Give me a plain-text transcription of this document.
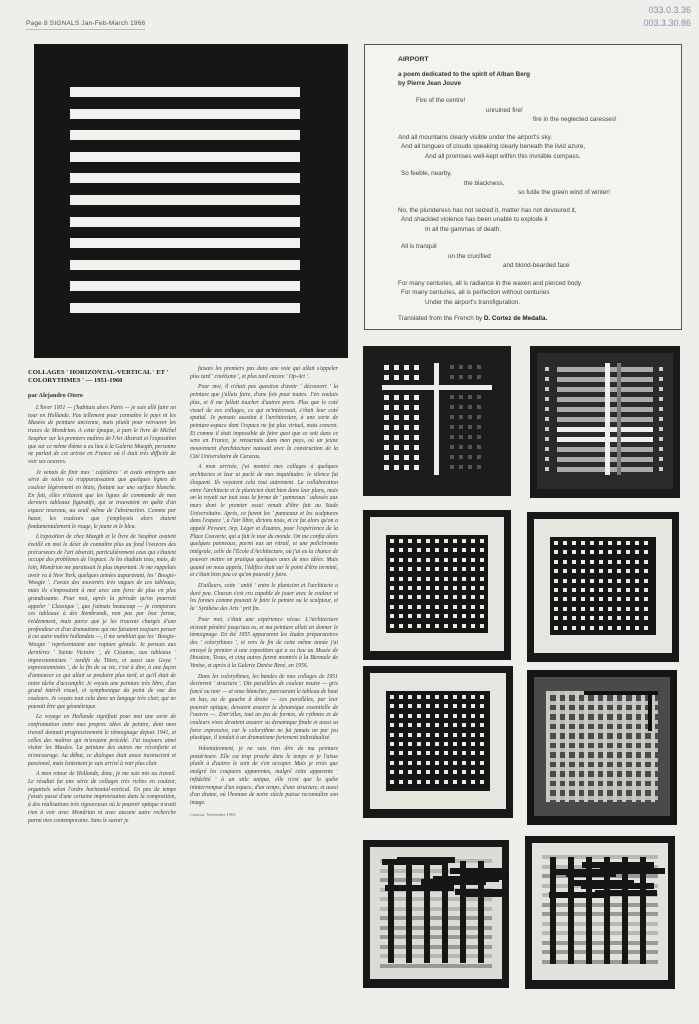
Page 8 SIGNALS Jan-Feb-March 1966
033.0.3.36
003.3.30.86
AIRPORT
a poem dedicated to the spirit of Alban Berg
by Pierre Jean Jouve
Fire of the centre!
unruined fire!
fire in the neglected caresses!
And all mountains clearly visible under the airport's sky.
And all tongues of clouds speaking clearly beneath the livid azure,
And all promises well-kept within this invisible compass.
So feeble, nearby,
the blackness,
so futile the green wind of winter!
No, the plunderess has not seized it, matter has not devoured it,
And shackled violence has been unable to explode it
In all the gammas of death.
All is tranquil
on the crucified
and blond-bearded face
For many centuries, all is radiance in the waxen and pierced body
For many centuries, all is perfection without centuries
Under the airport's transfiguration.
Translated from the French by D. Cortez de Medalla.
COLLAGES ' HORIZONTAL-VERTICAL ' ET ' COLORYTHMES ' — 1951-1960
par Alejandro Otero

L'hiver 1951 — j'habitais alors Paris — je suis allé faire un tour en Hollande. Pas tellement pour connaître le pays ni les Musées de peinture ancienne, mais plutôt pour retrouver les traces de Mondrian. A cette époque, à part le livre de Michel Seuphor sur les premiers maîtres de l'Art Abstrait et l'exposition que sur ce même thème a eu lieu à la Galerie Maegth, personne ne parlait de cet artiste en France où il était très difficile de voir ses oeuvres.

Je venais de finir mes ' cafetières ' et avais entrepris une série de toiles où n'apparaissaient que quelques lignes de couleur légèrement en biais, flottant sur une surface blanche. En fait, elles n'étaient que les lignes de commande de mes derniers tableaux figuratifs, qui se trouvaient en quête d'un espace nouveau, au seuil même de l'abstraction. Comme par hazar, les couleurs que j'employais alors étaient fondamentalement le rouge, le jaune et le bleu.

L'exposition de chez Maegth et le livre de Seuphor avaient éveillé en moi le désir de connaître plus au fond l'oeuvres des précurseurs de l'art abstrait, particulièrement ceux qui s'étaient occupé des problèmes de l'espace. Je les étudiais tous, mais, de loin, Mondrian me paraissait le plus important. Je me rappelais avoir vu à New York, quelques années auparavant, les ' Boogie-Woogie '. J'avais des souvenirs très vagues de ces tableaux, mais ils s'imposaient à moi avec une force de plus en plus grandissante. Pour moi, après la période qu'on pourrait appeler ' Classique ', que j'aimais beaucoup — je comparais ces tableaux à des Rembrandt, non pas par leur forme, évidemment, mais parce que je les trouvais chargés d'une profondeur et d'un dramatisme qui me faisaient toujours penser à cet autre maître hollandais —, il me semblait que les ' Boogie-Woogie ' représentaient une rupture géniale. Je pensais aux dernières ' Sainte Victoire ', de Cézanne, aux tableaux ' impressionnistes ' tardifs du Titien, et aussi aux Goya ' expressionnistes ', de la fin de sa vie, c'est à dire, à une façon d'annoncer ce qui allait se produire plus tard, et qu'il était de notre tâche d'accomplir. Je voyais une peinture très libre, d'un grand intérêt visuel, et symphonique du point de vue des couleurs. Je voyais tout cela dans un langage très clair, qui ne pouvait être que géométrique.

Le voyage en Hollande signifiait pour moi une sorte de confrontation entre mes propres idées de peintre, dont mon travail donnait progressivement le témoignage depuis 1941, et celles des maîtres qui m'avaient précédé. J'ai toujours aimé visiter les Musées. La peinture des autres me réconforte et m'encourage. Au début, ce dialogue était assez inconscient et passionel, mais lentement je suis arrivé à voir plus clair.

A mon retour de Hollande, donc, je me suis mis au travail. Le résultat fut une série de collages très riches en couleur, organisés selon l'ordre horizontal-vertical. En peu de temps j'avais passé d'une certaine improvisation dans la composition, à des réalisations très rigoureuses où le pouvoir optique n'avait rien à voir avec Mondrian ni avec aucune autre recherche parmi mes contemporains. Sans le savoir je

faisais les premiers pas dans une voie qui allait s'appeler plus tard ' cinétisme ', et plus tard encore ' Op-Art '.

Pour moi, il n'était pas question d'avoir ' découvert ' la peinture que j'allais faire, d'une fois pour toutes. J'en voulais plus, et il me fallait toucher d'autres ports. Plus que le coté visuel de ces collages, ce qui m'intéressait, c'était leur coté spatial. Je pensais aussitot à l'architecture, à une sorte de peinture-espace dont l'espace ne fut plus virtuel, mais concret. Et comme il était impossible de faire quoi que ce soit dans ce sens en France, je retournais dans mon pays, où un jeune mouvement d'architecture naissait avec la construction de la Cité Universitaire de Caracas.

A mon arrivée, j'ai montré mes collages à quelques architectes et leur ai parlé de mes inquiétudes: le silence fut éloquent. Ils voyaient cela tout autrement. La collaboration entre l'architecte et le planicien était bien dans leur plans, mais on la voyait sur tout sous la forme de ' panneaux ' adossés aux murs dont le premier essai venait d'être fait au Stade Universitaire. Après, ce furent les ' panneaux et les sculptures dans l'espace ', à l'air libre, dirions nous, et ce fut alors qu'on a appelé Pevsner, Arp, Léger et d'autres, pour l'expérience de la Place Couverte, qui a fait le tour du monde. On me confia alors quelques panneaux, parmi eux un vitrail, et une polichromie intégrale, celle de l'Ecole d'Architecture, où j'ai eu la chance de pouvoir mettre en pratique quelques unes de mes idées. Mais quand on nous appela, l'édifice était sur le point d'être terminé, et c'était bien peu ce qu'on pouvait y faire.

D'ailleurs, cette ' unité ' entre le planicien et l'architecte a duré peu. Chacun s'est cru capable de jouer avec la couleur et les formes comme pouvait le faire le peintre ou le sculpteur, et la ' Synthèse des Arts ' prit fin.

Pour moi, c'était une expérience vécue. L'Architecture m'avait pénétré jusqu'aux os, et ma peinture allait en donner le témoignage. En été 1955 apparurent les études préparatoires des ' colorythmes ', et vers la fin de cette même année j'ai envoyé le premier à une exposition qui a eu lieu au Musée de Houston, Texas, et cinq autres furent montrés à la Biennale de Venise, et après à la Galerie Denise René, en 1956.

Dans les colorythmes, les bandes de mes collages de 1951 devinrent ' structure '. Dix parallèles de couleur neutre — gris foncé ou noir — et onze blanches, parcourant le tableau de haut en bas, ou de gauche à droite — ces parallèles, par leur pouvoir optique, devaient assurer la dynamique essentielle de l'oeuvre —. Entr'elles, tout un jeu de formes, de rythmes et de couleurs vives devaient assurer sa dynamique finale et aussi sa force expressive, car le colorythme ne fut jamais un pur jeu plastique, il tendait à un dramatisme fortement individualisé.

Volontairement, je ne vais rien dire de ma peinture postérieure. Elle est trop proche dans le temps et je l'aisse plutôt à d'autres le soin de s'en occuper. Mais je crois que malgré les coupures apparentes, malgré cette apparente ' infidelité ' à un stile unique, elle n'est que la quête ininterrompue d'un espace, d'un temps, d'une structure, et aussi d'un drame, où l'homme de notre siècle puisse reconnaître son image.

Caracas, Novembre 1965
